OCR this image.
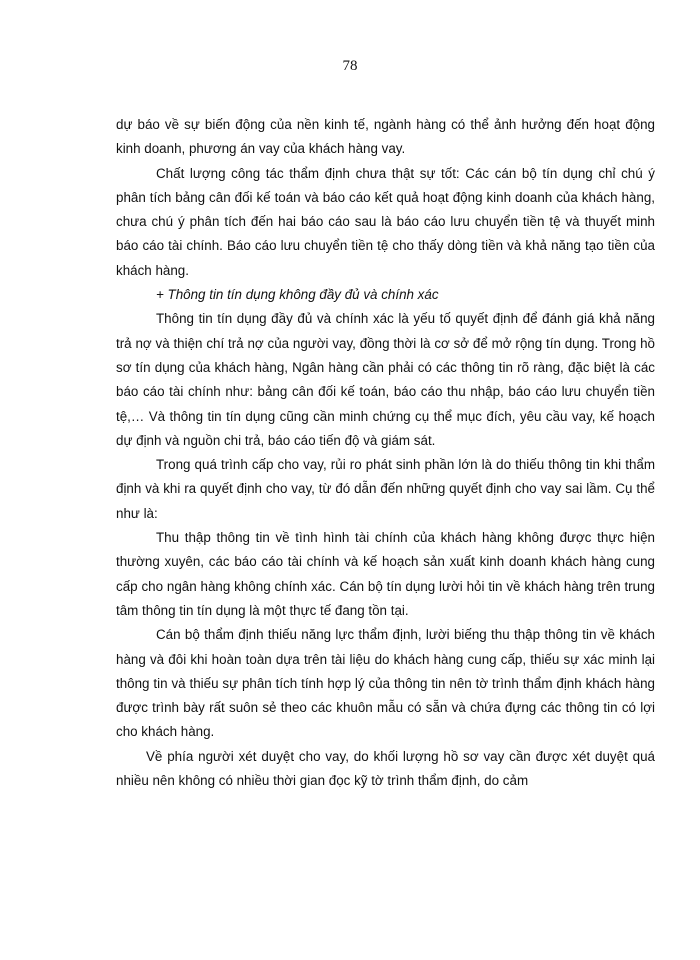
78

dự báo về sự biến động của nền kinh tế, ngành hàng có thể ảnh hưởng đến hoạt động kinh doanh, phương án vay của khách hàng vay.

Chất lượng công tác thẩm định chưa thật sự tốt: Các cán bộ tín dụng chỉ chú ý phân tích bảng cân đối kế toán và báo cáo kết quả hoạt động kinh doanh của khách hàng, chưa chú ý phân tích đến hai báo cáo sau là báo cáo lưu chuyển tiền tệ và thuyết minh báo cáo tài chính. Báo cáo lưu chuyển tiền tệ cho thấy dòng tiền và khả năng tạo tiền của khách hàng.

+ Thông tin tín dụng không đầy đủ và chính xác

Thông tin tín dụng đầy đủ và chính xác là yếu tố quyết định để đánh giá khả năng trả nợ và thiện chí trả nợ của người vay, đồng thời là cơ sở để mở rộng tín dụng. Trong hồ sơ tín dụng của khách hàng, Ngân hàng cần phải có các thông tin rõ ràng, đặc biệt là các báo cáo tài chính như: bảng cân đối kế toán, báo cáo thu nhập, báo cáo lưu chuyển tiền tệ,… Và thông tin tín dụng cũng cần minh chứng cụ thể mục đích, yêu cầu vay, kế hoạch dự định và nguồn chi trả, báo cáo tiến độ và giám sát.

Trong quá trình cấp cho vay, rủi ro phát sinh phần lớn là do thiếu thông tin khi thẩm định và khi ra quyết định cho vay, từ đó dẫn đến những quyết định cho vay sai lầm. Cụ thể như là:

Thu thập thông tin về tình hình tài chính của khách hàng không được thực hiện thường xuyên, các báo cáo tài chính và kế hoạch sản xuất kinh doanh khách hàng cung cấp cho ngân hàng không chính xác. Cán bộ tín dụng lười hỏi tin về khách hàng trên trung tâm thông tin tín dụng là một thực tế đang tồn tại.

Cán bộ thẩm định thiếu năng lực thẩm định, lười biếng thu thập thông tin về khách hàng và đôi khi hoàn toàn dựa trên tài liệu do khách hàng cung cấp, thiếu sự xác minh lại thông tin và thiếu sự phân tích tính hợp lý của thông tin nên tờ trình thẩm định khách hàng được trình bày rất suôn sẻ theo các khuôn mẫu có sẵn và chứa đựng các thông tin có lợi cho khách hàng.

Về phía người xét duyệt cho vay, do khối lượng hồ sơ vay cần được xét duyệt quá nhiều nên không có nhiều thời gian đọc kỹ tờ trình thẩm định, do cảm
